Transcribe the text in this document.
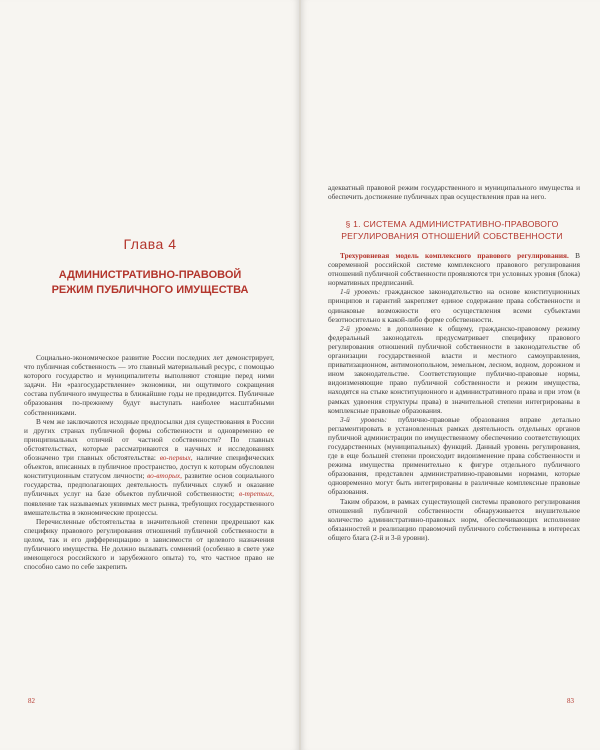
Глава 4
АДМИНИСТРАТИВНО-ПРАВОВОЙ РЕЖИМ ПУБЛИЧНОГО ИМУЩЕСТВА

Социально-экономическое развитие России последних лет демонстрирует, что публичная собственность — это главный материальный ресурс, с помощью которого государство и муниципалитеты выполняют стоящие перед ними задачи. Ни «разгосударствление» экономики, ни ощутимого сокращения состава публичного имущества в ближайшие годы не предвидится. Публичные образования по-прежнему будут выступать наиболее масштабными собственниками.

В чем же заключаются исходные предпосылки для существования в России и других странах публичной формы собственности и одновременно ее принципиальных отличий от частной собственности? По главных обстоятельствах, которые рассматриваются в научных и исследованиях обозначено три главных обстоятельства: во-первых, наличие специфических объектов, вписанных в публичное пространство, доступ к которым обусловлен конституционным статусом личности; во-вторых, развитие основ социального государства, предполагающих деятельность публичных служб и оказание публичных услуг на базе объектов публичной собственности; в-третьих, появление так называемых уязвимых мест рынка, требующих государственного вмешательства в экономические процессы.

Перечисленные обстоятельства в значительной степени предрешают как специфику правового регулирования отношений публичной собственности в целом, так и его дифференциацию в зависимости от целевого назначения публичного имущества. Не должно вызывать сомнений (особенно в свете уже имеющегося российского и зарубежного опыта) то, что частное право не способно само по себе закрепить

82

адекватный правовой режим государственного и муниципального имущества и обеспечить достижение публичных прав осуществления прав на него.

§ 1. СИСТЕМА АДМИНИСТРАТИВНО-ПРАВОВОГО РЕГУЛИРОВАНИЯ ОТНОШЕНИЙ СОБСТВЕННОСТИ

Трехуровневая модель комплексного правового регулирования. В современной российской системе комплексного правового регулирования отношений публичной собственности проявляются три условных уровня (блока) нормативных предписаний.

1-й уровень: гражданское законодательство на основе конституционных принципов и гарантий закрепляет единое содержание права собственности и одинаковые возможности его осуществления всеми субъектами безотносительно к какой-либо форме собственности.

2-й уровень: в дополнение к общему, гражданско-правовому режиму федеральный законодатель предусматривает специфику правового регулирования отношений публичной собственности в законодательстве об организации государственной власти и местного самоуправления, приватизационном, антимонопольном, земельном, лесном, водном, дорожном и ином законодательстве. Соответствующие публично-правовые нормы, видоизменяющие право публичной собственности и режим имущества, находятся на стыке конституционного и административного права и при этом (в рамках удвоения структуры права) в значительной степени интегрированы в комплексные правовые образования.

3-й уровень: публично-правовые образования вправе детально регламентировать в установленных рамках деятельность отдельных органов публичной администрации по имущественному обеспечению соответствующих государственных (муниципальных) функций. Данный уровень регулирования, где в еще большей степени происходит видоизменение права собственности и режима имущества применительно к фигуре отдельного публичного образования, представлен административно-правовыми нормами, которые одновременно могут быть интегрированы в различные комплексные правовые образования.

Таким образом, в рамках существующей системы правового регулирования отношений публичной собственности обнаруживается внушительное количество административно-правовых норм, обеспечивающих исполнение обязанностей и реализацию правомочий публичного собственника в интересах общего блага (2-й и 3-й уровни).

83
